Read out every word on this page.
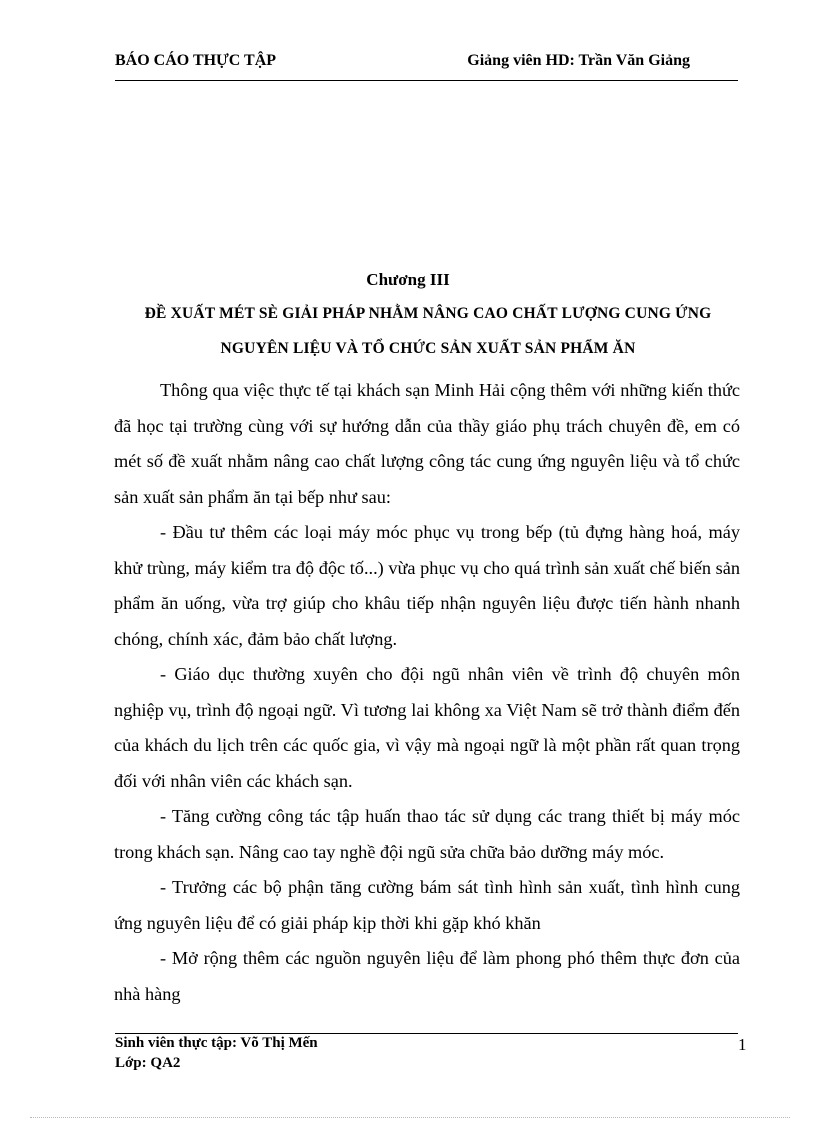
BÁO CÁO THỰC TẬP	Giảng viên HD: Trần Văn Giảng
Chương III
ĐỀ XUẤT MÉT SÈ GIẢI PHÁP NHẰM NÂNG CAO CHẤT LƯỢNG CUNG ỨNG
NGUYÊN LIỆU VÀ TỔ CHỨC SẢN XUẤT SẢN PHẨM ĂN

Thông qua việc thực tế tại khách sạn Minh Hải cộng thêm với những kiến thức đã học tại trường cùng với sự hướng dẫn của thầy giáo phụ trách chuyên đề, em có mét số đề xuất nhằm nâng cao chất lượng công tác cung ứng nguyên liệu và tổ chức sản xuất sản phẩm ăn tại bếp như sau:

- Đầu tư thêm các loại máy móc phục vụ trong bếp (tủ đựng hàng hoá, máy khử trùng, máy kiểm tra độ độc tố...) vừa phục vụ cho quá trình sản xuất chế biến sản phẩm ăn uống, vừa trợ giúp cho khâu tiếp nhận nguyên liệu được tiến hành nhanh chóng, chính xác, đảm bảo chất lượng.

- Giáo dục thường xuyên cho đội ngũ nhân viên về trình độ chuyên môn nghiệp vụ, trình độ ngoại ngữ. Vì tương lai không xa Việt Nam sẽ trở thành điểm đến của khách du lịch trên các quốc gia, vì vậy mà ngoại ngữ là một phần rất quan trọng đối với nhân viên các khách sạn.

- Tăng cường công tác tập huấn thao tác sử dụng các trang thiết bị máy móc trong khách sạn. Nâng cao tay nghề đội ngũ sửa chữa bảo dưỡng máy móc.

- Trưởng các bộ phận tăng cường bám sát tình hình sản xuất, tình hình cung ứng nguyên liệu để có giải pháp kịp thời khi gặp khó khăn

- Mở rộng thêm các nguồn nguyên liệu để làm phong phó thêm thực đơn của nhà hàng

Sinh viên thực tập: Võ Thị Mến
Lớp: QA2
1
